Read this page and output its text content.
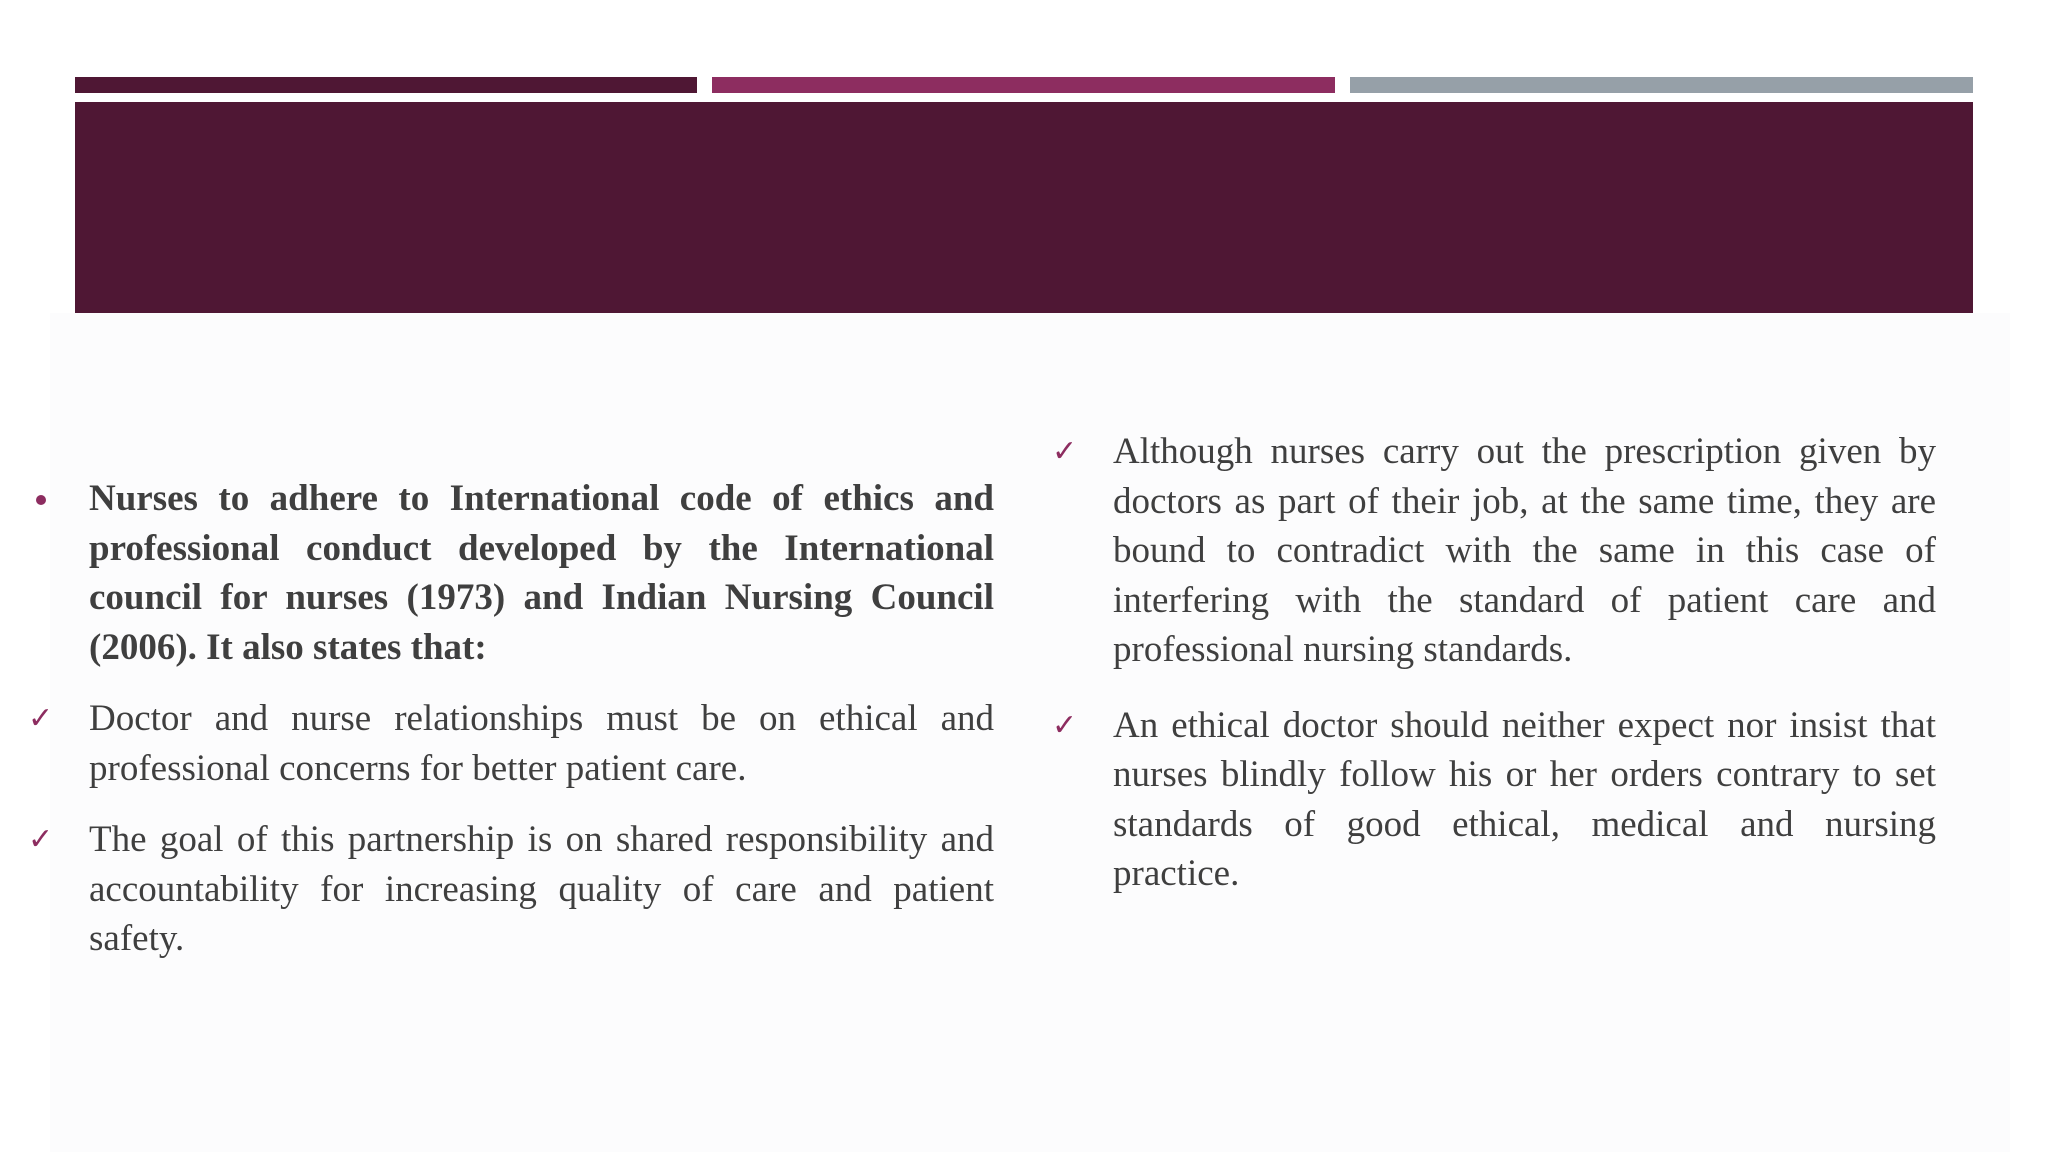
Nurses to adhere to International code of ethics and professional conduct developed by the International council for nurses (1973) and Indian Nursing Council (2006). It also states that:
✓ Doctor and nurse relationships must be on ethical and professional concerns for better patient care.
✓ The goal of this partnership is on shared responsibility and accountability for increasing quality of care and patient safety.
✓ Although nurses carry out the prescription given by doctors as part of their job, at the same time, they are bound to contradict with the same in this case of interfering with the standard of patient care and professional nursing standards.
✓ An ethical doctor should neither expect nor insist that nurses blindly follow his or her orders contrary to set standards of good ethical, medical and nursing practice.
